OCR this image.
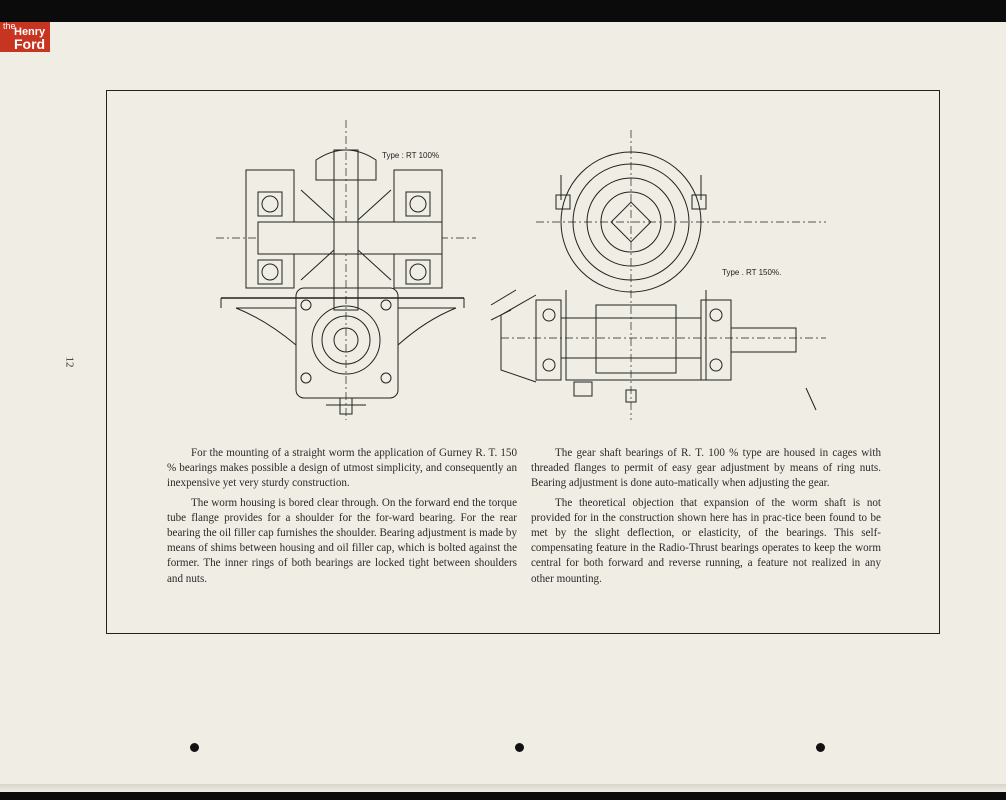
the
Henry
Ford
12
Type : RT 100%
Type . RT 150%.

For the mounting of a straight worm the application of Gurney R. T. 150 % bearings makes possible a design of utmost simplicity, and consequently an inexpensive yet very sturdy construction.

The worm housing is bored clear through. On the forward end the torque tube flange provides for a shoulder for the for-ward bearing. For the rear bearing the oil filler cap furnishes the shoulder. Bearing adjustment is made by means of shims between housing and oil filler cap, which is bolted against the former. The inner rings of both bearings are locked tight between shoulders and nuts.

The gear shaft bearings of R. T. 100 % type are housed in cages with threaded flanges to permit of easy gear adjustment by means of ring nuts. Bearing adjustment is done auto-matically when adjusting the gear.

The theoretical objection that expansion of the worm shaft is not provided for in the construction shown here has in prac-tice been found to be met by the slight deflection, or elasticity, of the bearings. This self-compensating feature in the Radio-Thrust bearings operates to keep the worm central for both forward and reverse running, a feature not realized in any other mounting.
